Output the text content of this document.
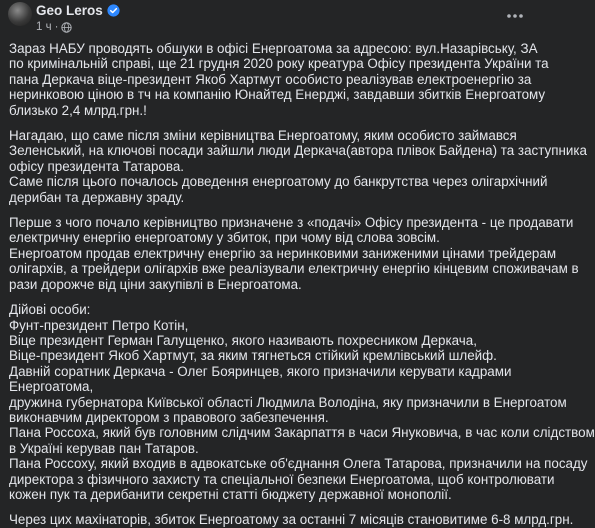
Geo Leros
1 ч ·

Зараз НАБУ проводять обшуки в офісі Енергоатома за адресою: вул.Назарівську, ЗА
по кримінальній справі, ще 21 грудня 2020 року креатура Офісу президента України та
пана Деркача віце-президент Якоб Хартмут особисто реалізував електроенергію за
неринковою ціною в тч на компанію Юнайтед Енерджі, завдавши збитків Енергоатому
близько 2,4 млрд.грн.!

Нагадаю, що саме після зміни керівництва Енергоатому, яким особисто займався
Зеленський, на ключові посади зайшли люди Деркача(автора плівок Байдена) та заступника
офісу президента Татарова.
Саме після цього почалось доведення енергоатому до банкрутства через олігархічний
дерибан та державну зраду.

Перше з чого почало керівництво призначене з «подачі» Офісу президента - це продавати
електричну енергію енергоатому у збиток, при чому від слова зовсім.
Енергоатом продав електричну енергію за неринковими заниженими цінами трейдерам
олігархів, а трейдери олігархів вже реалізували електричну енергію кінцевим споживачам в
рази дорожче від ціни закупівлі в Енергоатома.

Дійові особи:
Фунт-президент Петро Котін,
Віце президент Герман Галущенко, якого називають похресником Деркача,
Віце-президент Якоб Хартмут, за яким тягнеться стійкий кремлівський шлейф.
Давній соратник Деркача - Олег Бояринцев, якого призначили керувати кадрами
Енергоатома,
дружина губернатора Київської області Людмила Володіна, яку призначили в Енергоатом
виконавчим директором з правового забезпечення.
Пана Россоха, який був головним слідчим Закарпаття в часи Януковича, в час коли слідством
в Україні керував пан Татаров.
Пана Россоху, який входив в адвокатське об'єднання Олега Татарова, призначили на посаду
директора з фізичного захисту та спеціальної безпеки Енергоатома, щоб контролювати
кожен пук та дерибанити секретні статті бюджету державної монополії.

Через цих махінаторів, збиток Енергоатому за останні 7 місяців становитиме 6-8 млрд.грн.
